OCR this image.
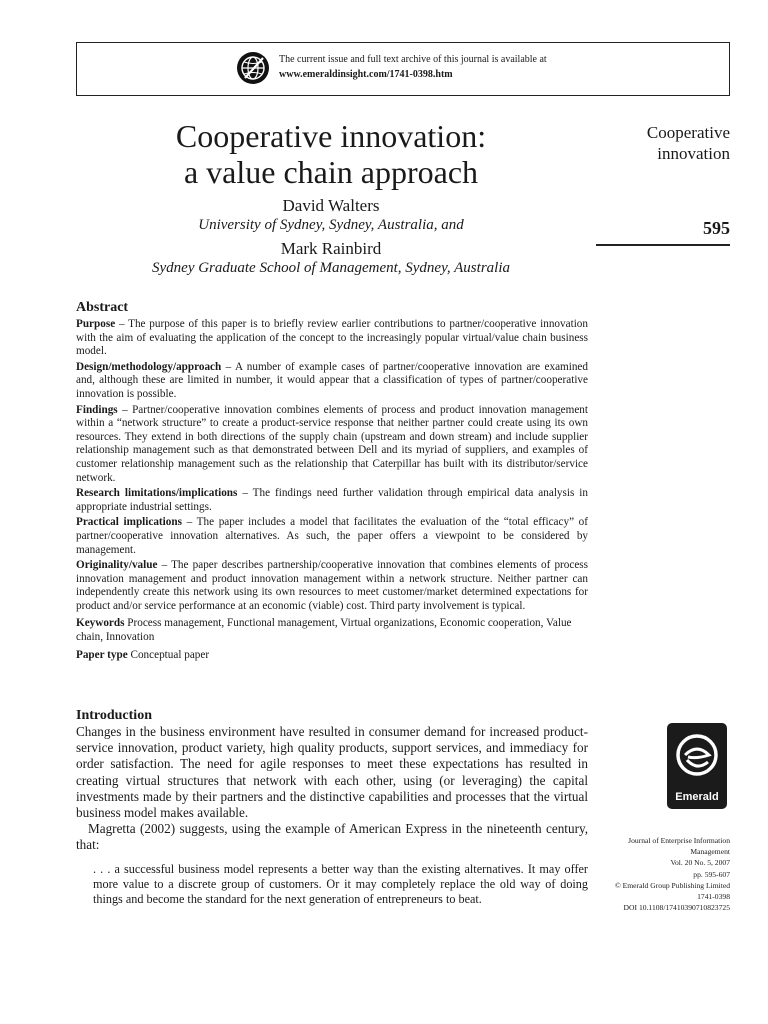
The current issue and full text archive of this journal is available at
www.emeraldinsight.com/1741-0398.htm
Cooperative innovation:
a value chain approach
David Walters
University of Sydney, Sydney, Australia, and
Mark Rainbird
Sydney Graduate School of Management, Sydney, Australia
Cooperative
innovation
595
Abstract

Purpose – The purpose of this paper is to briefly review earlier contributions to partner/cooperative innovation with the aim of evaluating the application of the concept to the increasingly popular virtual/value chain business model.

Design/methodology/approach – A number of example cases of partner/cooperative innovation are examined and, although these are limited in number, it would appear that a classification of types of partner/cooperative innovation is possible.

Findings – Partner/cooperative innovation combines elements of process and product innovation management within a “network structure” to create a product-service response that neither partner could create using its own resources. They extend in both directions of the supply chain (upstream and down stream) and include supplier relationship management such as that demonstrated between Dell and its myriad of suppliers, and examples of customer relationship management such as the relationship that Caterpillar has built with its distributor/service network.

Research limitations/implications – The findings need further validation through empirical data analysis in appropriate industrial settings.

Practical implications – The paper includes a model that facilitates the evaluation of the “total efficacy” of partner/cooperative innovation alternatives. As such, the paper offers a viewpoint to be considered by management.

Originality/value – The paper describes partnership/cooperative innovation that combines elements of process innovation management and product innovation management within a network structure. Neither partner can independently create this network using its own resources to meet customer/market determined expectations for product and/or service performance at an economic (viable) cost. Third party involvement is typical.

Keywords Process management, Functional management, Virtual organizations, Economic cooperation, Value chain, Innovation

Paper type Conceptual paper

Introduction

Changes in the business environment have resulted in consumer demand for increased product-service innovation, product variety, high quality products, support services, and immediacy for order satisfaction. The need for agile responses to meet these expectations has resulted in creating virtual structures that network with each other, using (or leveraging) the capital investments made by their partners and the distinctive capabilities and processes that the virtual business model makes available.

Magretta (2002) suggests, using the example of American Express in the nineteenth century, that:

. . . a successful business model represents a better way than the existing alternatives. It may offer more value to a discrete group of customers. Or it may completely replace the old way of doing things and become the standard for the next generation of entrepreneurs to beat.

Emerald
Journal of Enterprise Information
Management
Vol. 20 No. 5, 2007
pp. 595-607
© Emerald Group Publishing Limited
1741-0398
DOI 10.1108/17410390710823725
